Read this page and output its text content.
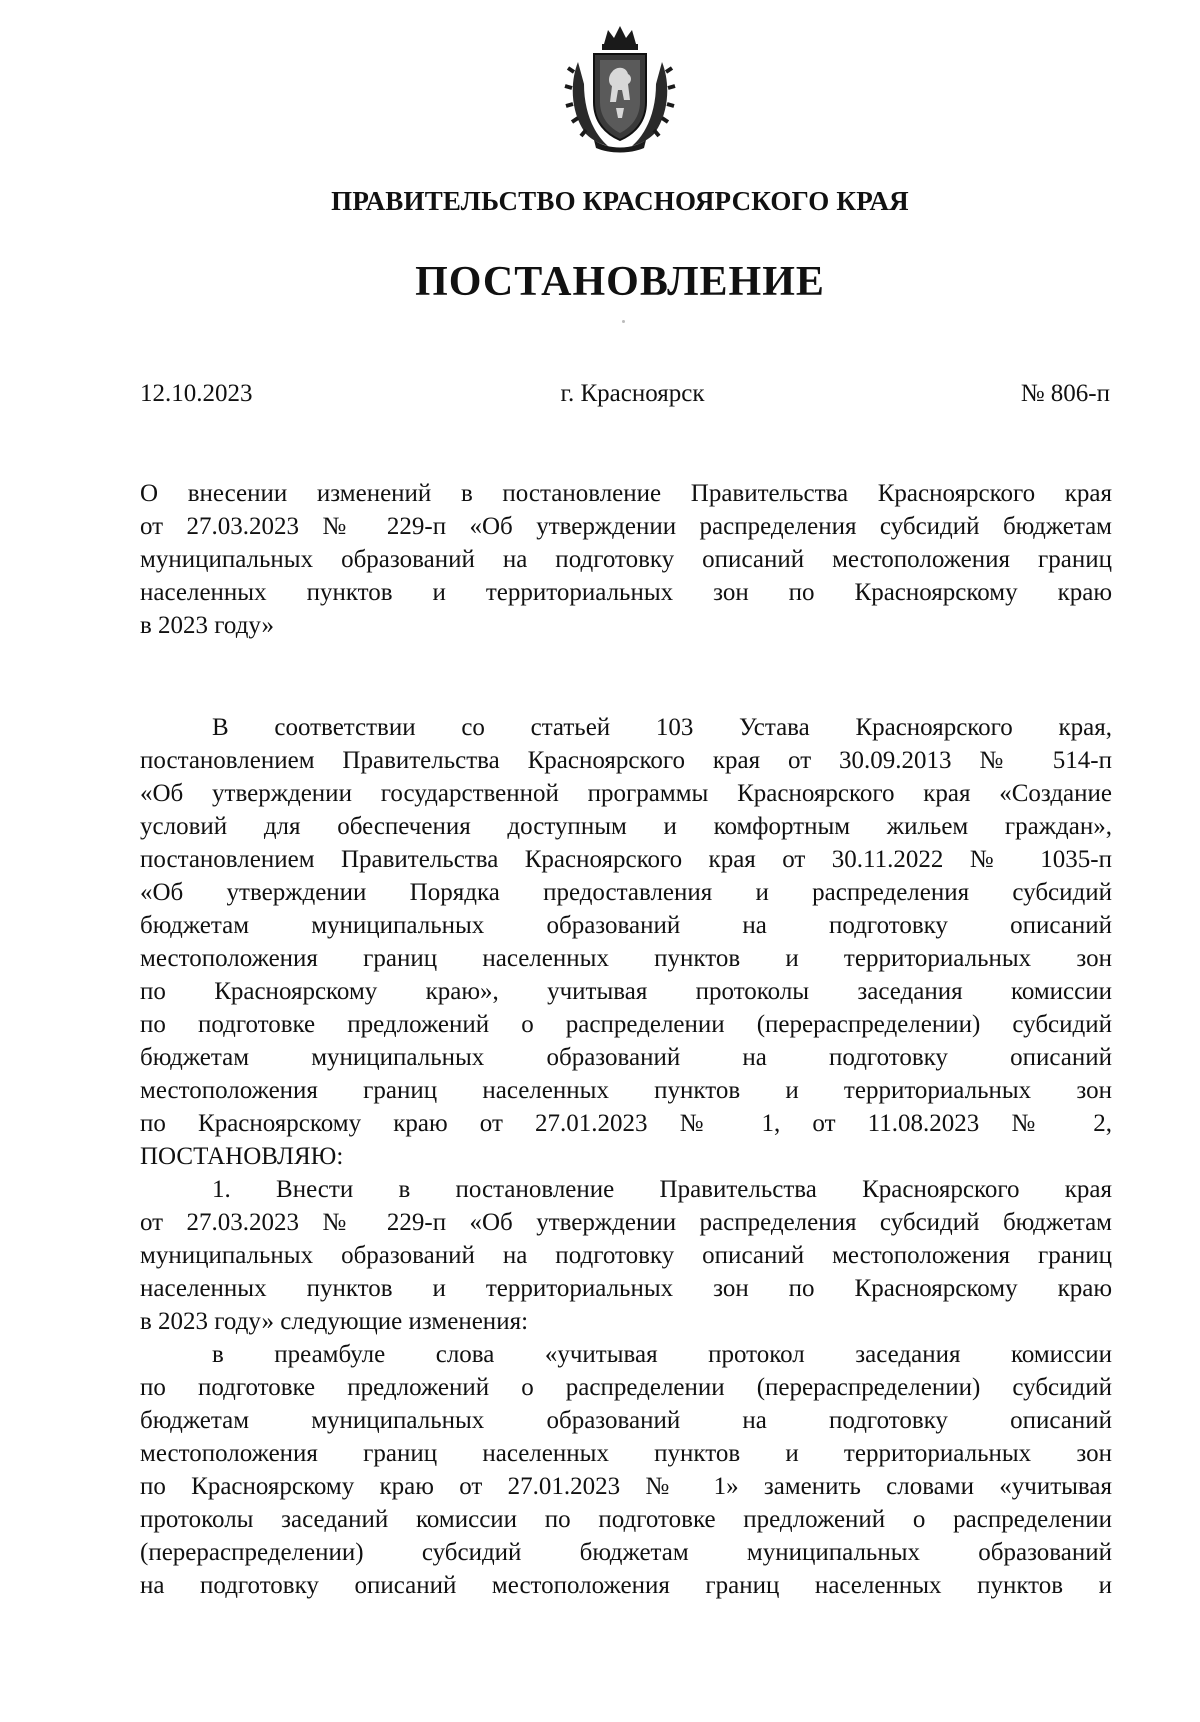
ПРАВИТЕЛЬСТВО КРАСНОЯРСКОГО КРАЯ
ПОСТАНОВЛЕНИЕ
12.10.2023	г. Красноярск	№ 806-п
О внесении изменений в постановление Правительства Красноярского края
от 27.03.2023 № 229-п «Об утверждении распределения субсидий бюджетам
муниципальных образований на подготовку описаний местоположения границ
населенных пунктов и территориальных зон по Красноярскому краю
в 2023 году»
В соответствии со статьей 103 Устава Красноярского края,
постановлением Правительства Красноярского края от 30.09.2013 № 514-п
«Об утверждении государственной программы Красноярского края «Создание
условий для обеспечения доступным и комфортным жильем граждан»,
постановлением Правительства Красноярского края от 30.11.2022 № 1035-п
«Об утверждении Порядка предоставления и распределения субсидий
бюджетам муниципальных образований на подготовку описаний
местоположения границ населенных пунктов и территориальных зон
по Красноярскому краю», учитывая протоколы заседания комиссии
по подготовке предложений о распределении (перераспределении) субсидий
бюджетам муниципальных образований на подготовку описаний
местоположения границ населенных пунктов и территориальных зон
по Красноярскому краю от 27.01.2023 № 1, от 11.08.2023 № 2,
ПОСТАНОВЛЯЮ:
1. Внести в постановление Правительства Красноярского края
от 27.03.2023 № 229-п «Об утверждении распределения субсидий бюджетам
муниципальных образований на подготовку описаний местоположения границ
населенных пунктов и территориальных зон по Красноярскому краю
в 2023 году» следующие изменения:
в преамбуле слова «учитывая протокол заседания комиссии
по подготовке предложений о распределении (перераспределении) субсидий
бюджетам муниципальных образований на подготовку описаний
местоположения границ населенных пунктов и территориальных зон
по Красноярскому краю от 27.01.2023 № 1» заменить словами «учитывая
протоколы заседаний комиссии по подготовке предложений о распределении
(перераспределении) субсидий бюджетам муниципальных образований
на подготовку описаний местоположения границ населенных пунктов и
